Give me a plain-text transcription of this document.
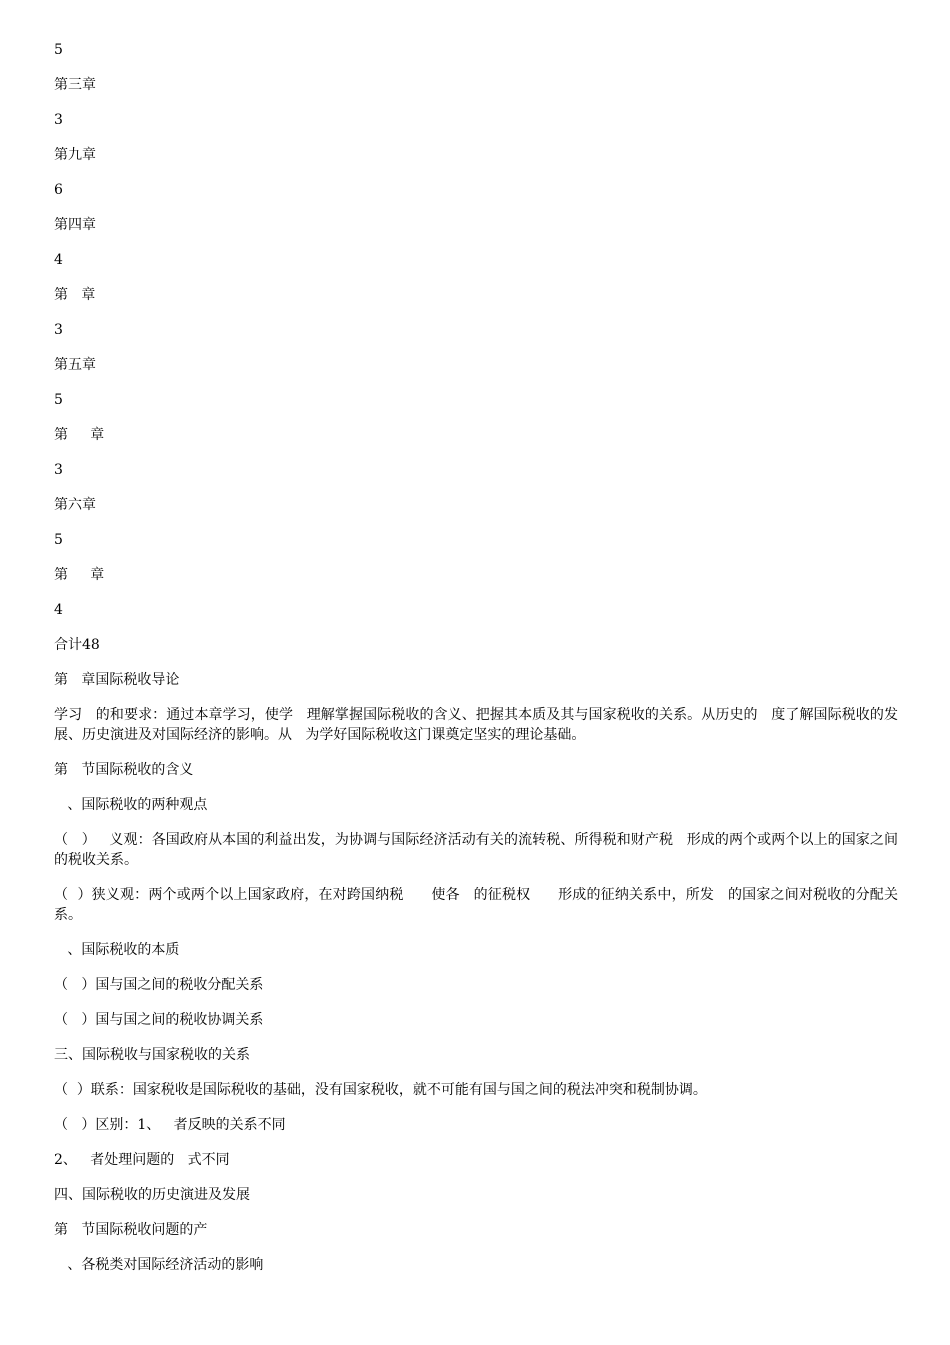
5
第三章
3
第九章
6
第四章
4
第   章
3
第五章
5
第     章
3
第六章
5
第     章
4
合计48
第   章国际税收导论
学习   的和要求：通过本章学习，使学   理解掌握国际税收的含义、把握其本质及其与国家税收的关系。从历史的   度了解国际税收的发展、历史演进及对国际经济的影响。从   为学好国际税收这门课奠定坚实的理论基础。
第   节国际税收的含义
、国际税收的两种观点
（   ）   义观：各国政府从本国的利益出发，为协调与国际经济活动有关的流转税、所得税和财产税   形成的两个或两个以上的国家之间的税收关系。
（  ）狭义观：两个或两个以上国家政府，在对跨国纳税      使各   的征税权      形成的征纳关系中，所发   的国家之间对税收的分配关系。
、国际税收的本质
（   ）国与国之间的税收分配关系
（   ）国与国之间的税收协调关系
三、国际税收与国家税收的关系
（  ）联系：国家税收是国际税收的基础，没有国家税收，就不可能有国与国之间的税法冲突和税制协调。
（   ）区别：1、   者反映的关系不同
2、   者处理问题的   式不同
四、国际税收的历史演进及发展
第   节国际税收问题的产
、各税类对国际经济活动的影响
